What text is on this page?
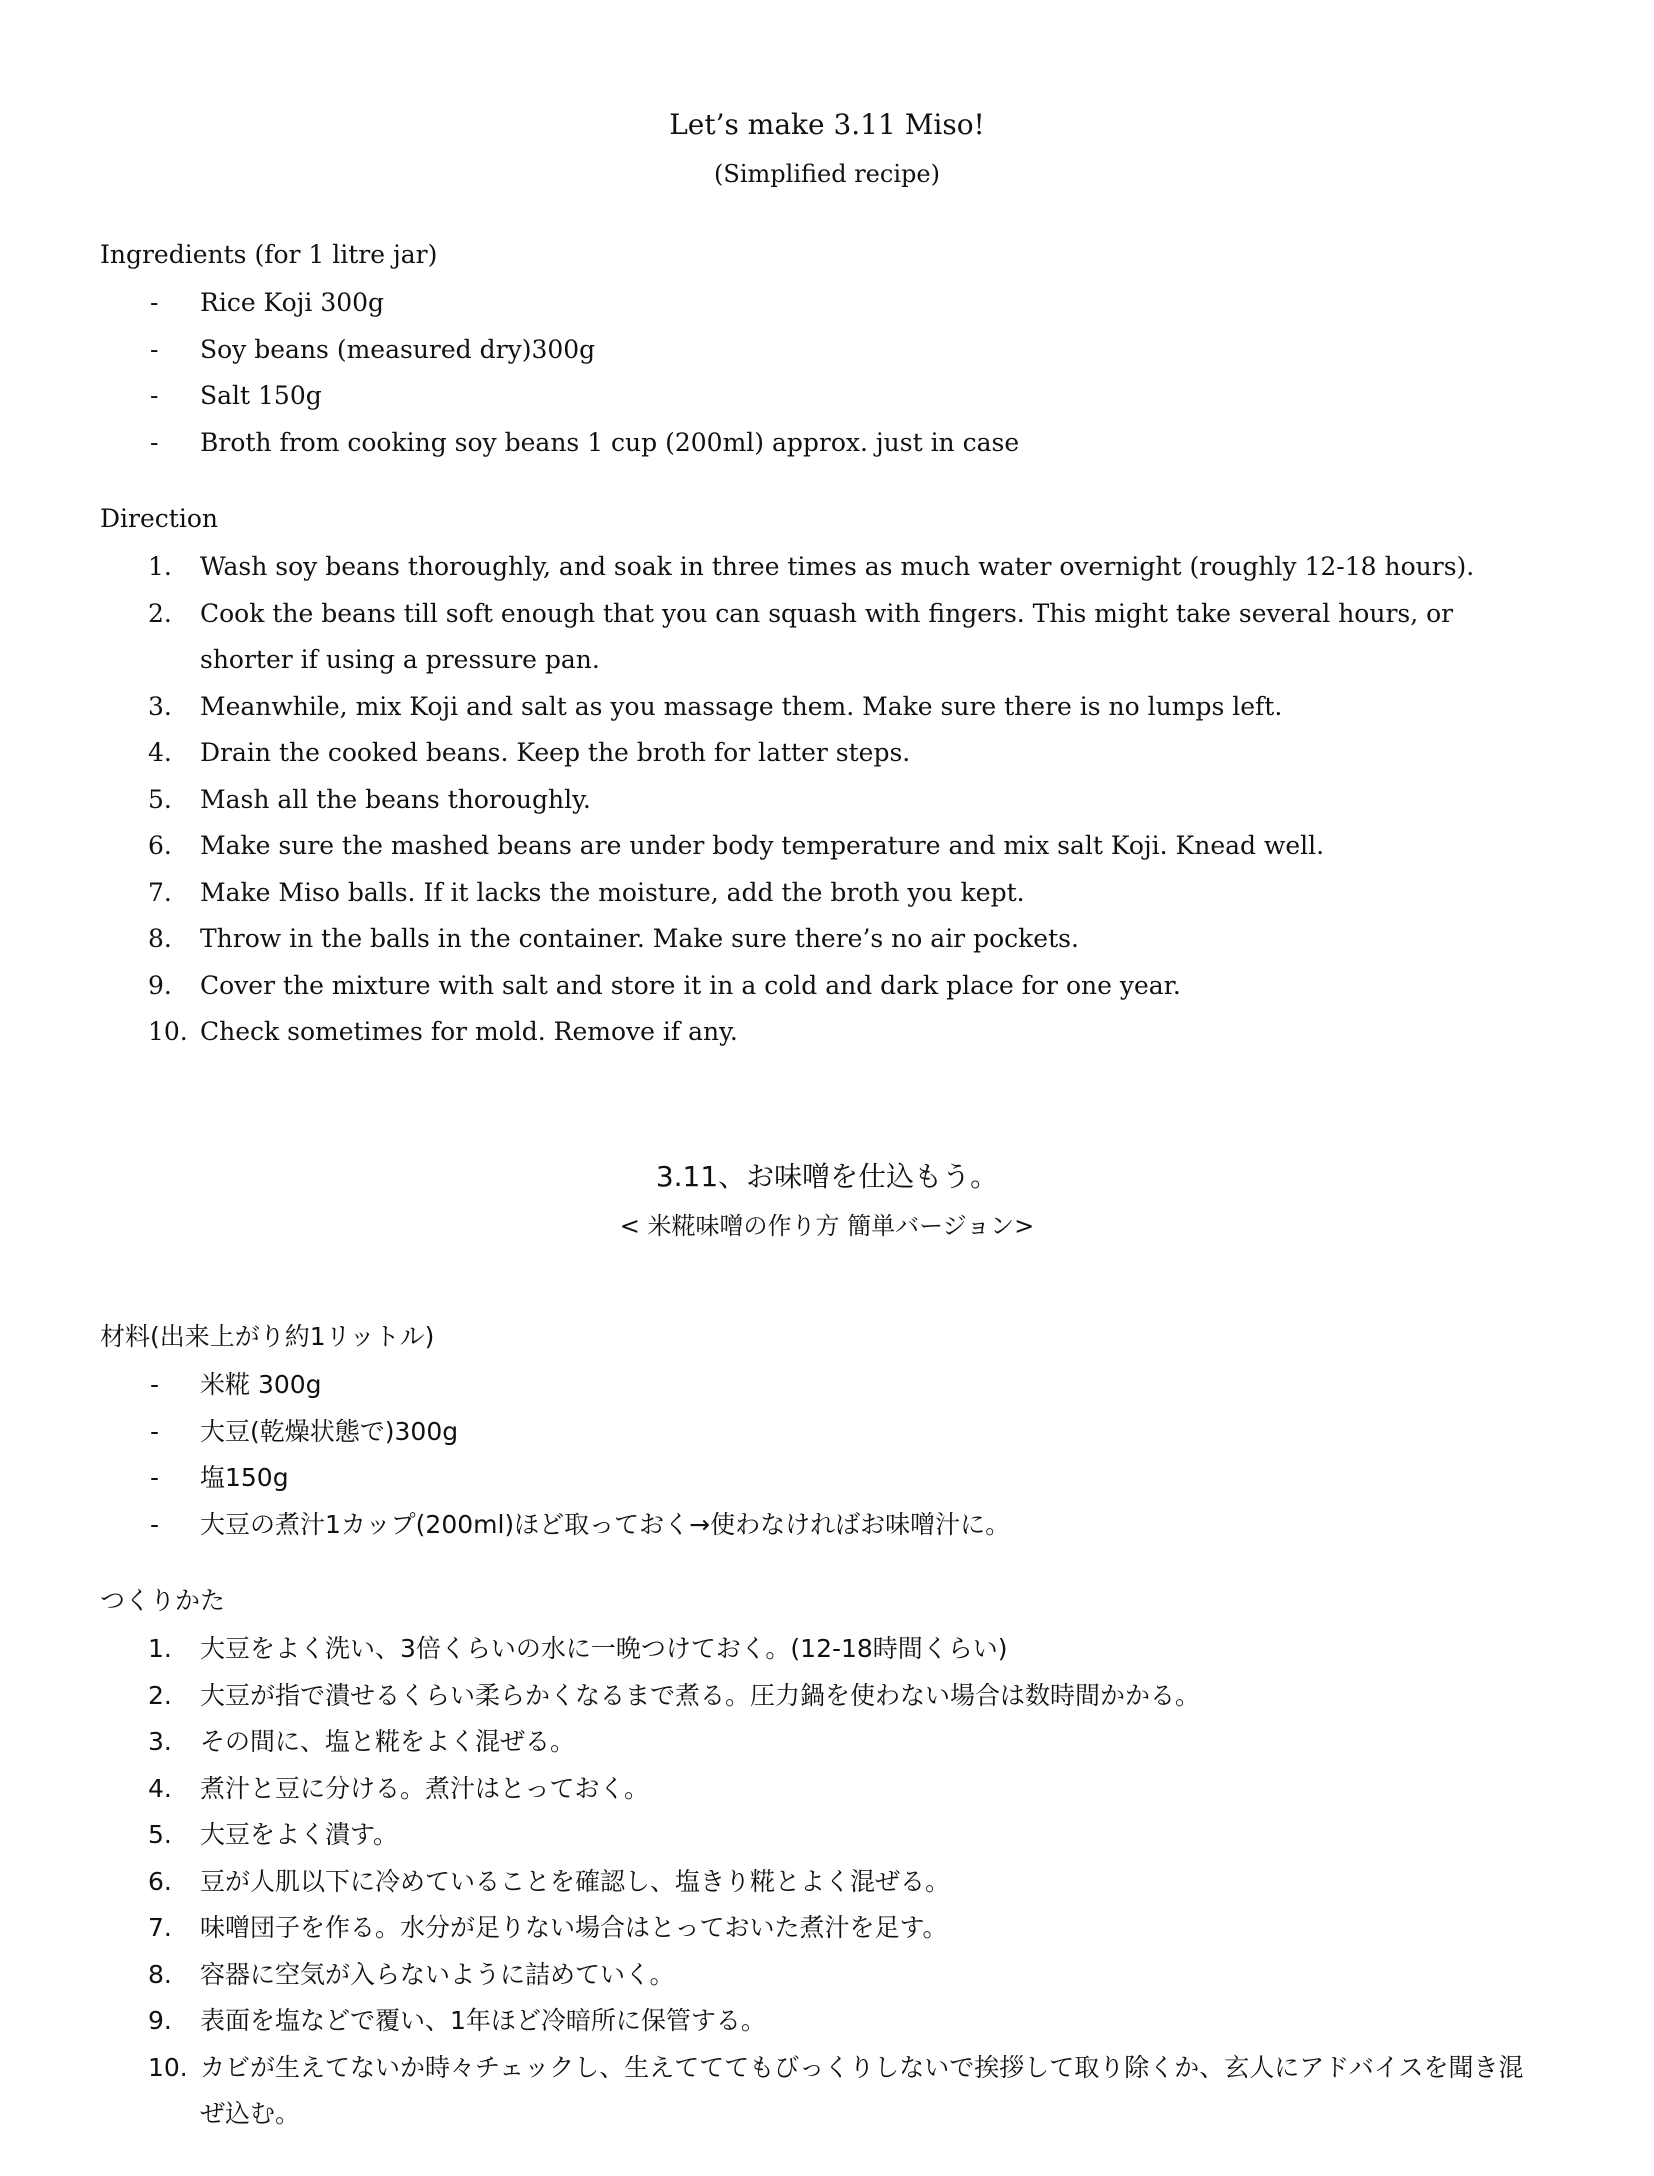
Let’s make 3.11 Miso!
(Simplified recipe)
Ingredients (for 1 litre jar)
- Rice Koji 300g
- Soy beans (measured dry)300g
- Salt 150g
- Broth from cooking soy beans 1 cup (200ml) approx. just in case
Direction
1. Wash soy beans thoroughly, and soak in three times as much water overnight (roughly 12-18 hours).
2. Cook the beans till soft enough that you can squash with fingers. This might take several hours, or shorter if using a pressure pan.
3. Meanwhile, mix Koji and salt as you massage them. Make sure there is no lumps left.
4. Drain the cooked beans. Keep the broth for latter steps.
5. Mash all the beans thoroughly.
6. Make sure the mashed beans are under body temperature and mix salt Koji. Knead well.
7. Make Miso balls. If it lacks the moisture, add the broth you kept.
8. Throw in the balls in the container. Make sure there’s no air pockets.
9. Cover the mixture with salt and store it in a cold and dark place for one year.
10. Check sometimes for mold. Remove if any.
3.11、お味噌を仕込もう。
< 米糀味噌の作り方 簡単バージョン>
材料(出来上がり約1リットル)
- 米糀 300g
- 大豆(乾燥状態で)300g
- 塩150g
- 大豆の煮汁1カップ(200ml)ほど取っておく→使わなければお味噌汁に。
つくりかた
1. 大豆をよく洗い、3倍くらいの水に一晩つけておく。(12-18時間くらい)
2. 大豆が指で潰せるくらい柔らかくなるまで煮る。圧力鍋を使わない場合は数時間かかる。
3. その間に、塩と糀をよく混ぜる。
4. 煮汁と豆に分ける。煮汁はとっておく。
5. 大豆をよく潰す。
6. 豆が人肌以下に冷めていることを確認し、塩きり糀とよく混ぜる。
7. 味噌団子を作る。水分が足りない場合はとっておいた煮汁を足す。
8. 容器に空気が入らないように詰めていく。
9. 表面を塩などで覆い、1年ほど冷暗所に保管する。
10. カビが生えてないか時々チェックし、生えてててもびっくりしないで挨拶して取り除くか、玄人にアドバイスを聞き混ぜ込む。
